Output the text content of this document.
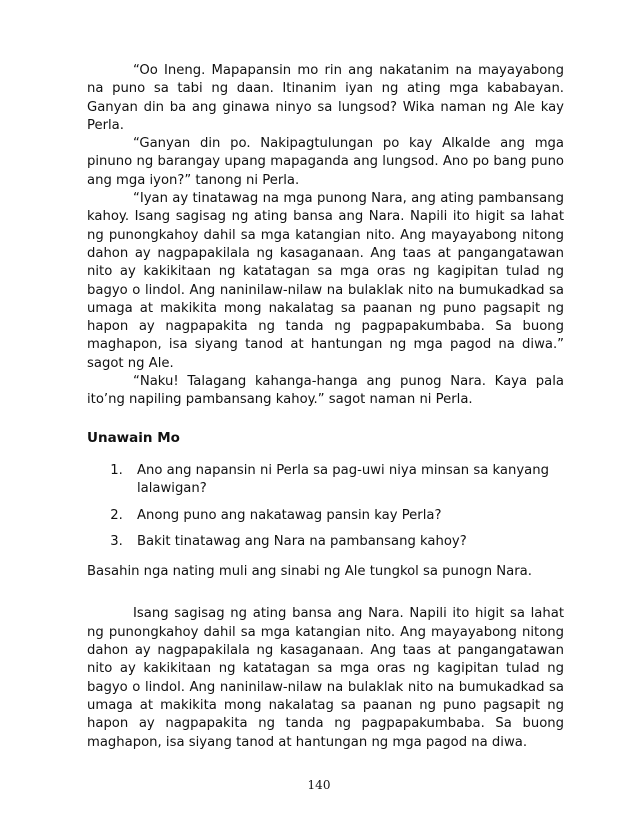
“Oo Ineng. Mapapansin mo rin ang nakatanim na mayayabong na puno sa tabi ng daan. Itinanim iyan ng ating mga kababayan. Ganyan din ba ang ginawa ninyo sa lungsod? Wika naman ng Ale kay Perla.

“Ganyan din po. Nakipagtulungan po kay Alkalde ang mga pinuno ng barangay upang mapaganda ang lungsod. Ano po bang puno ang mga iyon?” tanong ni Perla.

“Iyan ay tinatawag na mga punong Nara, ang ating pambansang kahoy. Isang sagisag ng ating bansa ang Nara. Napili ito higit sa lahat ng punongkahoy dahil sa mga katangian nito. Ang mayayabong nitong dahon ay nagpapakilala ng kasaganaan. Ang taas at pangangatawan nito ay kakikitaan ng katatagan sa mga oras ng kagipitan tulad ng bagyo o lindol. Ang naninilaw-nilaw na bulaklak nito na bumukadkad sa umaga at makikita mong nakalatag sa paanan ng puno pagsapit ng hapon ay nagpapakita ng tanda ng pagpapakumbaba. Sa buong maghapon, isa siyang tanod at hantungan ng mga pagod na diwa.” sagot ng Ale.

“Naku! Talagang kahanga-hanga ang punog Nara. Kaya pala ito’ng napiling pambansang kahoy.” sagot naman ni Perla.

Unawain Mo
1. Ano ang napansin ni Perla sa pag-uwi niya minsan sa kanyang lalawigan?
2. Anong puno ang nakatawag pansin kay Perla?
3. Bakit tinatawag ang Nara na pambansang kahoy?

Basahin nga nating muli ang sinabi ng Ale tungkol sa punogn Nara.

Isang sagisag ng ating bansa ang Nara. Napili ito higit sa lahat ng punongkahoy dahil sa mga katangian nito. Ang mayayabong nitong dahon ay nagpapakilala ng kasaganaan. Ang taas at pangangatawan nito ay kakikitaan ng katatagan sa mga oras ng kagipitan tulad ng bagyo o lindol. Ang naninilaw-nilaw na bulaklak nito na bumukadkad sa umaga at makikita mong nakalatag sa paanan ng puno pagsapit ng hapon ay nagpapakita ng tanda ng pagpapakumbaba. Sa buong maghapon, isa siyang tanod at hantungan ng mga pagod na diwa.

140
